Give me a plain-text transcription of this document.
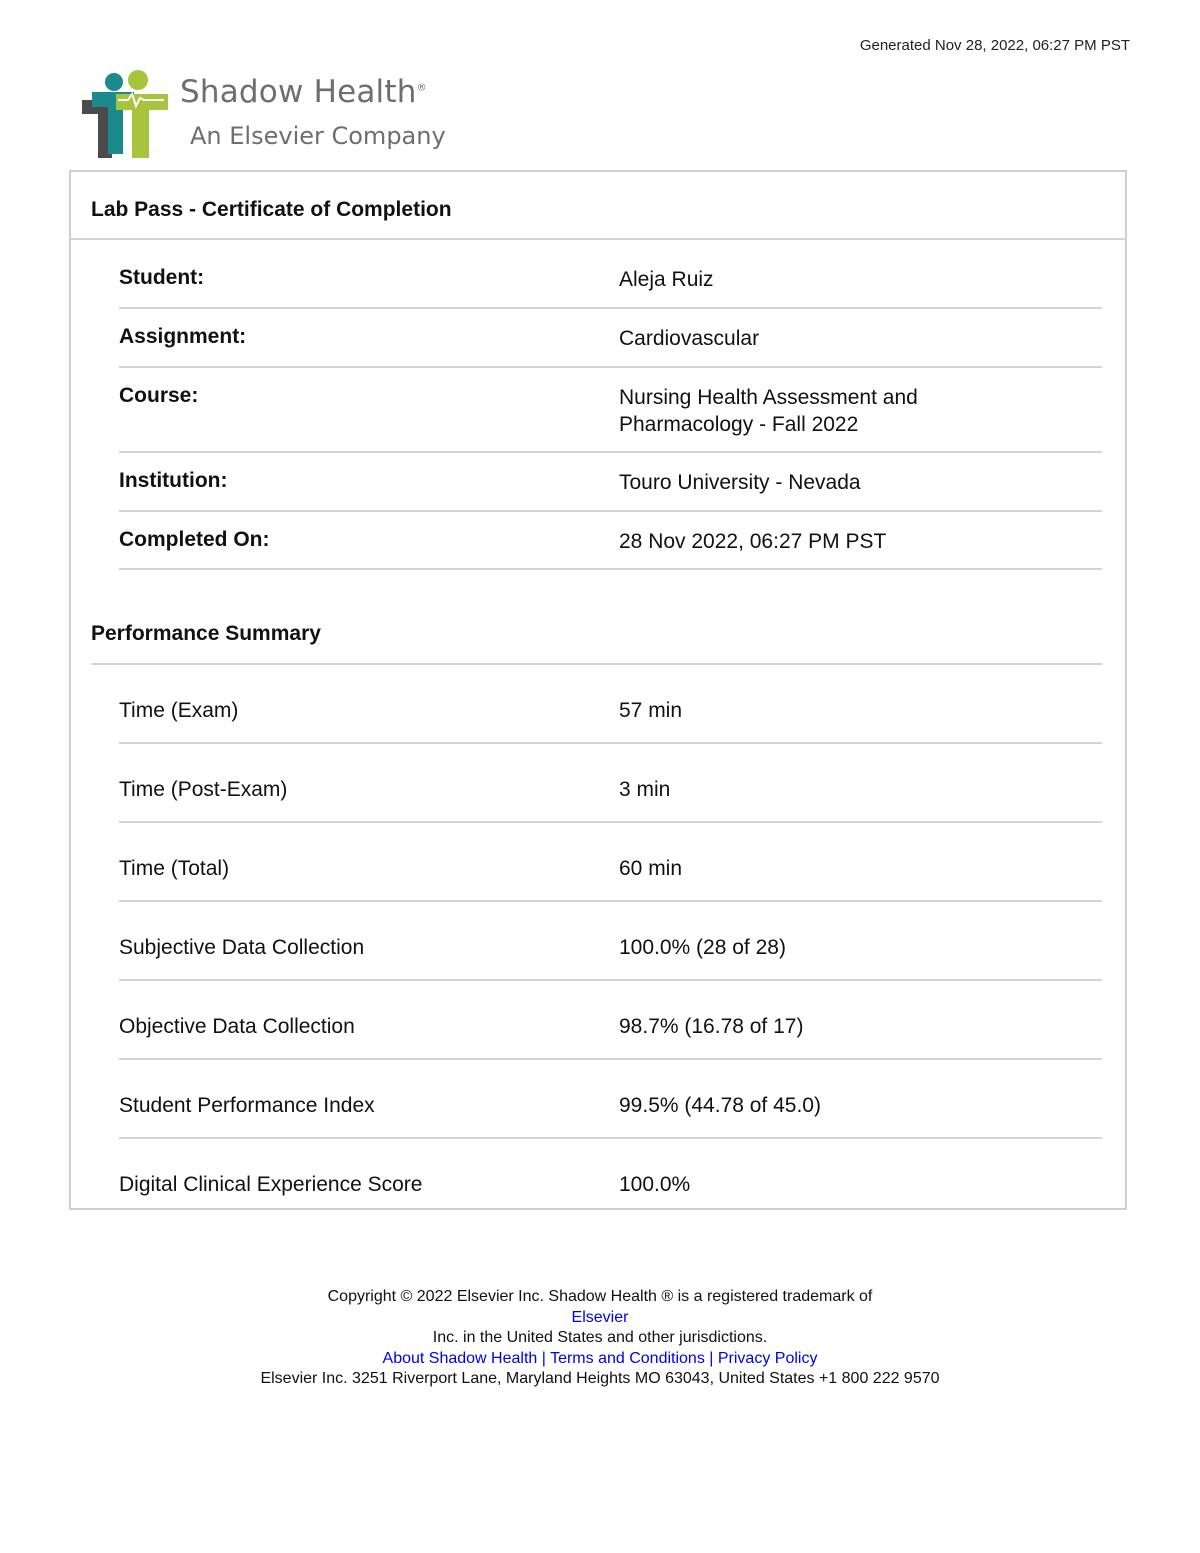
Generated Nov 28, 2022, 06:27 PM PST
Shadow Health®
An Elsevier Company
Lab Pass - Certificate of Completion
Student:	Aleja Ruiz
Assignment:	Cardiovascular
Course:	Nursing Health Assessment and Pharmacology - Fall 2022
Institution:	Touro University - Nevada
Completed On:	28 Nov 2022, 06:27 PM PST
Performance Summary
Time (Exam)	57 min
Time (Post-Exam)	3 min
Time (Total)	60 min
Subjective Data Collection	100.0% (28 of 28)
Objective Data Collection	98.7% (16.78 of 17)
Student Performance Index	99.5% (44.78 of 45.0)
Digital Clinical Experience Score	100.0%
Copyright © 2022 Elsevier Inc. Shadow Health ® is a registered trademark of
Elsevier
Inc. in the United States and other jurisdictions.
About Shadow Health | Terms and Conditions | Privacy Policy
Elsevier Inc. 3251 Riverport Lane, Maryland Heights MO 63043, United States +1 800 222 9570
